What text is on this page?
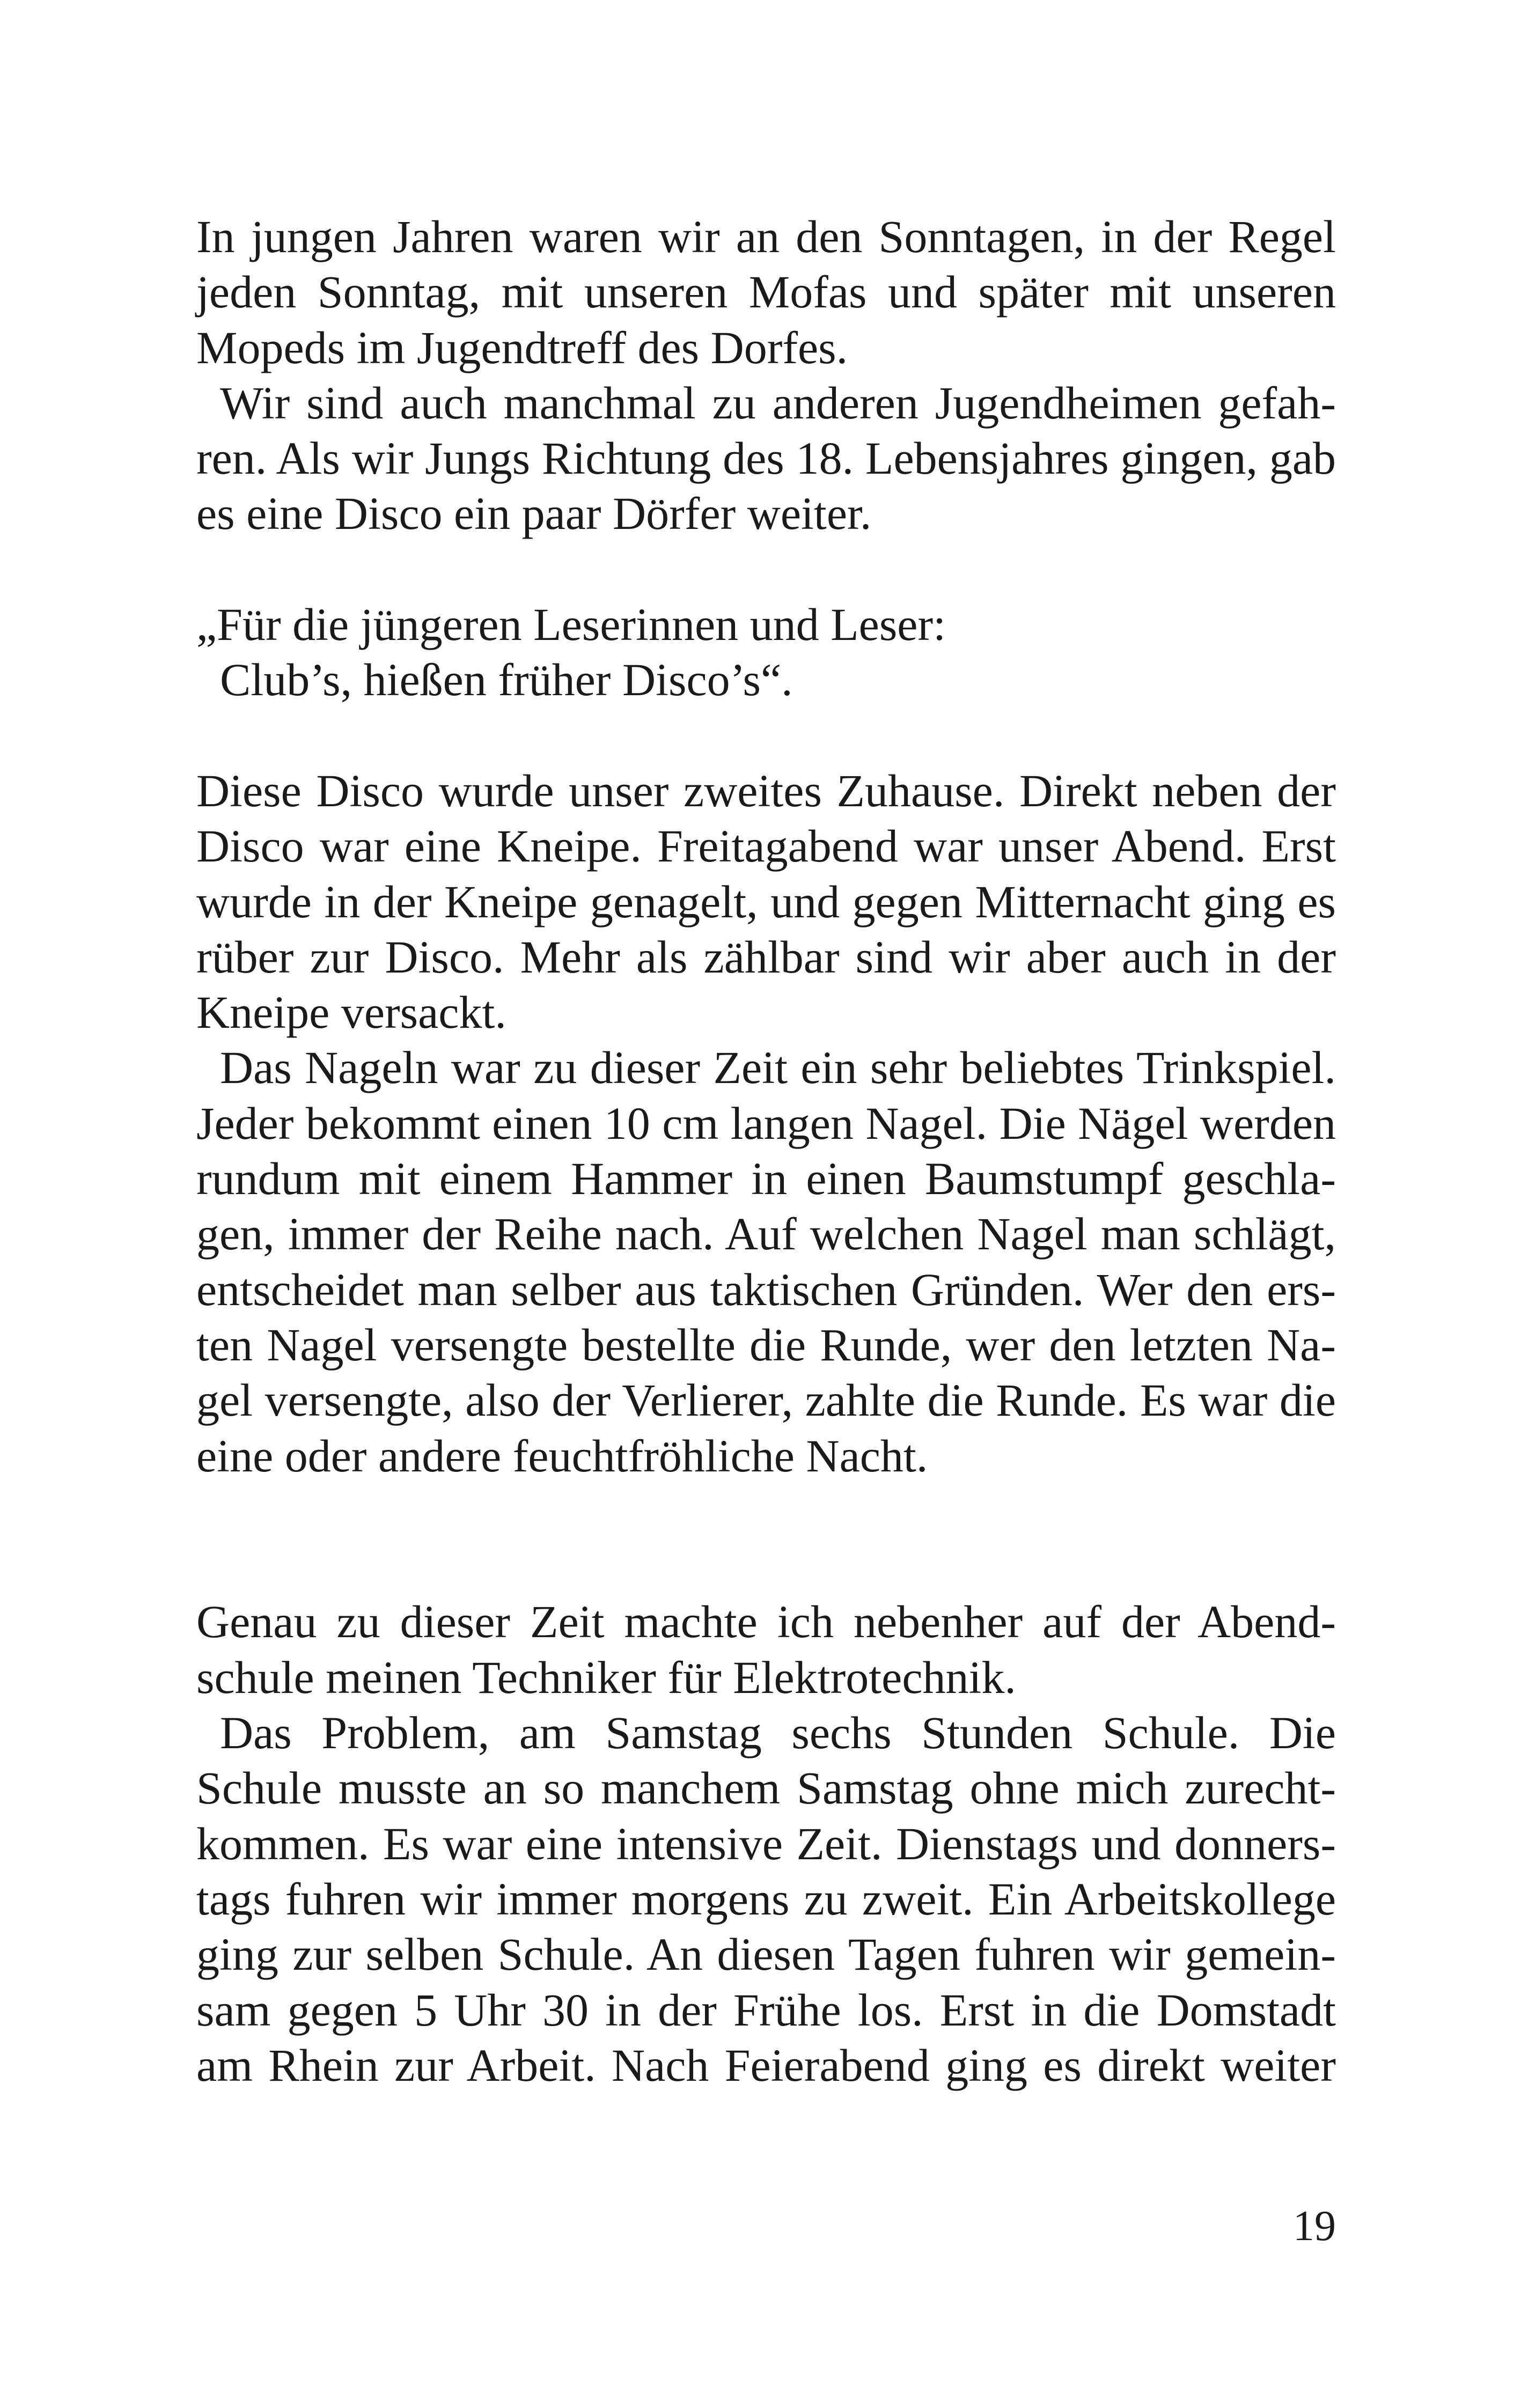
In jungen Jahren waren wir an den Sonntagen, in der Regel
jeden Sonntag, mit unseren Mofas und später mit unseren
Mopeds im Jugendtreff des Dorfes.
Wir sind auch manchmal zu anderen Jugendheimen gefah-
ren. Als wir Jungs Richtung des 18. Lebensjahres gingen, gab
es eine Disco ein paar Dörfer weiter.
„Für die jüngeren Leserinnen und Leser:
Club’s, hießen früher Disco’s“.
Diese Disco wurde unser zweites Zuhause. Direkt neben der
Disco war eine Kneipe. Freitagabend war unser Abend. Erst
wurde in der Kneipe genagelt, und gegen Mitternacht ging es
rüber zur Disco. Mehr als zählbar sind wir aber auch in der
Kneipe versackt.
Das Nageln war zu dieser Zeit ein sehr beliebtes Trinkspiel.
Jeder bekommt einen 10 cm langen Nagel. Die Nägel werden
rundum mit einem Hammer in einen Baumstumpf geschla-
gen, immer der Reihe nach. Auf welchen Nagel man schlägt,
entscheidet man selber aus taktischen Gründen. Wer den ers-
ten Nagel versengte bestellte die Runde, wer den letzten Na-
gel versengte, also der Verlierer, zahlte die Runde. Es war die
eine oder andere feuchtfröhliche Nacht.
Genau zu dieser Zeit machte ich nebenher auf der Abend-
schule meinen Techniker für Elektrotechnik.
Das Problem, am Samstag sechs Stunden Schule. Die
Schule musste an so manchem Samstag ohne mich zurecht-
kommen. Es war eine intensive Zeit. Dienstags und donners-
tags fuhren wir immer morgens zu zweit. Ein Arbeitskollege
ging zur selben Schule. An diesen Tagen fuhren wir gemein-
sam gegen 5 Uhr 30 in der Frühe los. Erst in die Domstadt
am Rhein zur Arbeit. Nach Feierabend ging es direkt weiter
19
